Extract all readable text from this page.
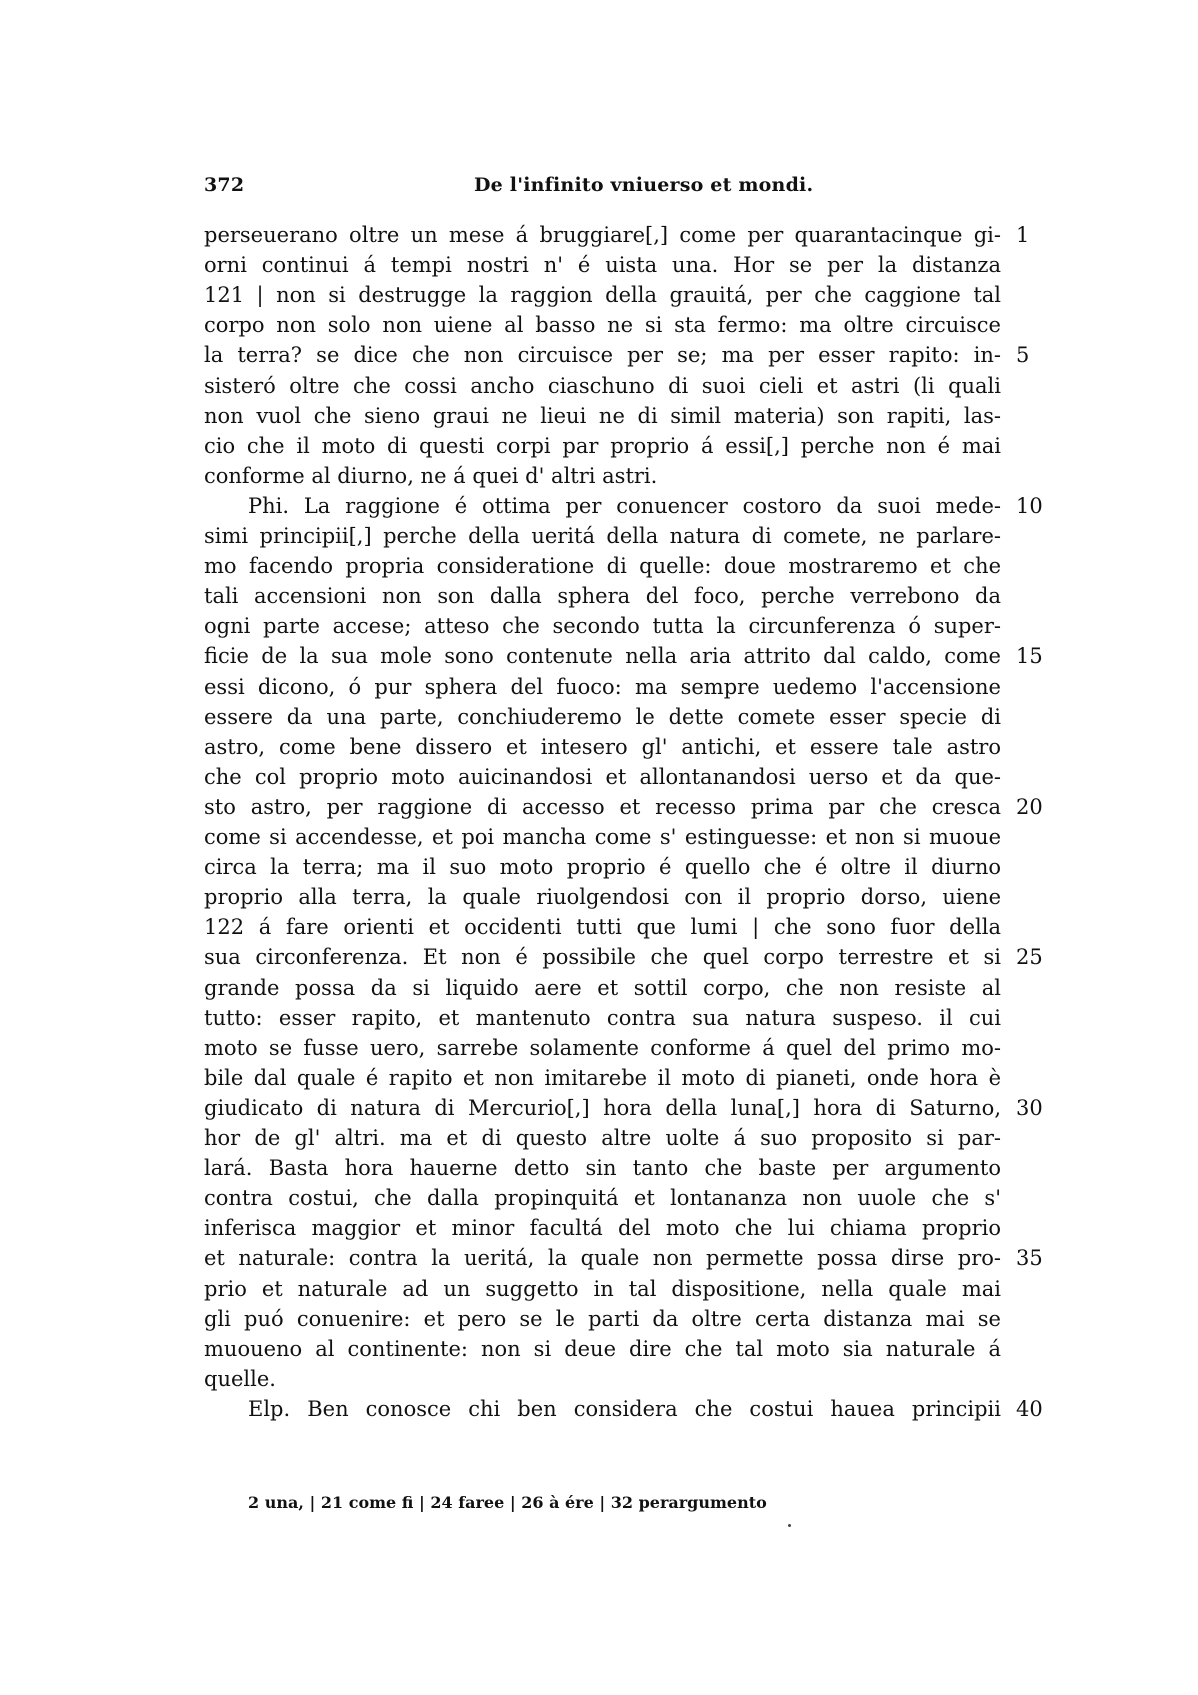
372	De l'infinito vniuerso et mondi.
perseuerano oltre un mese á bruggiare[,] come per quarantacinque gi- 1
orni continui á tempi nostri n' é uista una. Hor se per la distanza
121 | non si destrugge la raggion della grauitá, per che caggione tal
corpo non solo non uiene al basso ne si sta fermo: ma oltre circuisce
la terra? se dice che non circuisce per se; ma per esser rapito: in- 5
sisteró oltre che cossi ancho ciaschuno di suoi cieli et astri (li quali
non vuol che sieno graui ne lieui ne di simil materia) son rapiti, las-
cio che il moto di questi corpi par proprio á essi[,] perche non é mai
conforme al diurno, ne á quei d' altri astri.
Phi. La raggione é ottima per conuencer costoro da suoi mede- 10
simi principii[,] perche della ueritá della natura di comete, ne parlare-
mo facendo propria consideratione di quelle: doue mostraremo et che
tali accensioni non son dalla sphera del foco, perche verrebono da
ogni parte accese; atteso che secondo tutta la circunferenza ó super-
ficie de la sua mole sono contenute nella aria attrito dal caldo, come 15
essi dicono, ó pur sphera del fuoco: ma sempre uedemo l'accensione
essere da una parte, conchiuderemo le dette comete esser specie di
astro, come bene dissero et intesero gl' antichi, et essere tale astro
che col proprio moto auicinandosi et allontanandosi uerso et da que-
sto astro, per raggione di accesso et recesso prima par che cresca 20
come si accendesse, et poi mancha come s' estinguesse: et non si muoue
circa la terra; ma il suo moto proprio é quello che é oltre il diurno
proprio alla terra, la quale riuolgendosi con il proprio dorso, uiene
122 á fare orienti et occidenti tutti que lumi | che sono fuor della
sua circonferenza. Et non é possibile che quel corpo terrestre et si 25
grande possa da si liquido aere et sottil corpo, che non resiste al
tutto: esser rapito, et mantenuto contra sua natura suspeso. il cui
moto se fusse uero, sarrebe solamente conforme á quel del primo mo-
bile dal quale é rapito et non imitarebe il moto di pianeti, onde hora è
giudicato di natura di Mercurio[,] hora della luna[,] hora di Saturno, 30
hor de gl' altri. ma et di questo altre uolte á suo proposito si par-
lará. Basta hora hauerne detto sin tanto che baste per argumento
contra costui, che dalla propinquitá et lontananza non uuole che s'
inferisca maggior et minor facultá del moto che lui chiama proprio
et naturale: contra la ueritá, la quale non permette possa dirse pro- 35
prio et naturale ad un suggetto in tal dispositione, nella quale mai
gli puó conuenire: et pero se le parti da oltre certa distanza mai se
muoueno al continente: non si deue dire che tal moto sia naturale á
quelle.
Elp. Ben conosce chi ben considera che costui hauea principii 40
2 una, | 21 come fi | 24 faree | 26 à ére | 32 perargumento
